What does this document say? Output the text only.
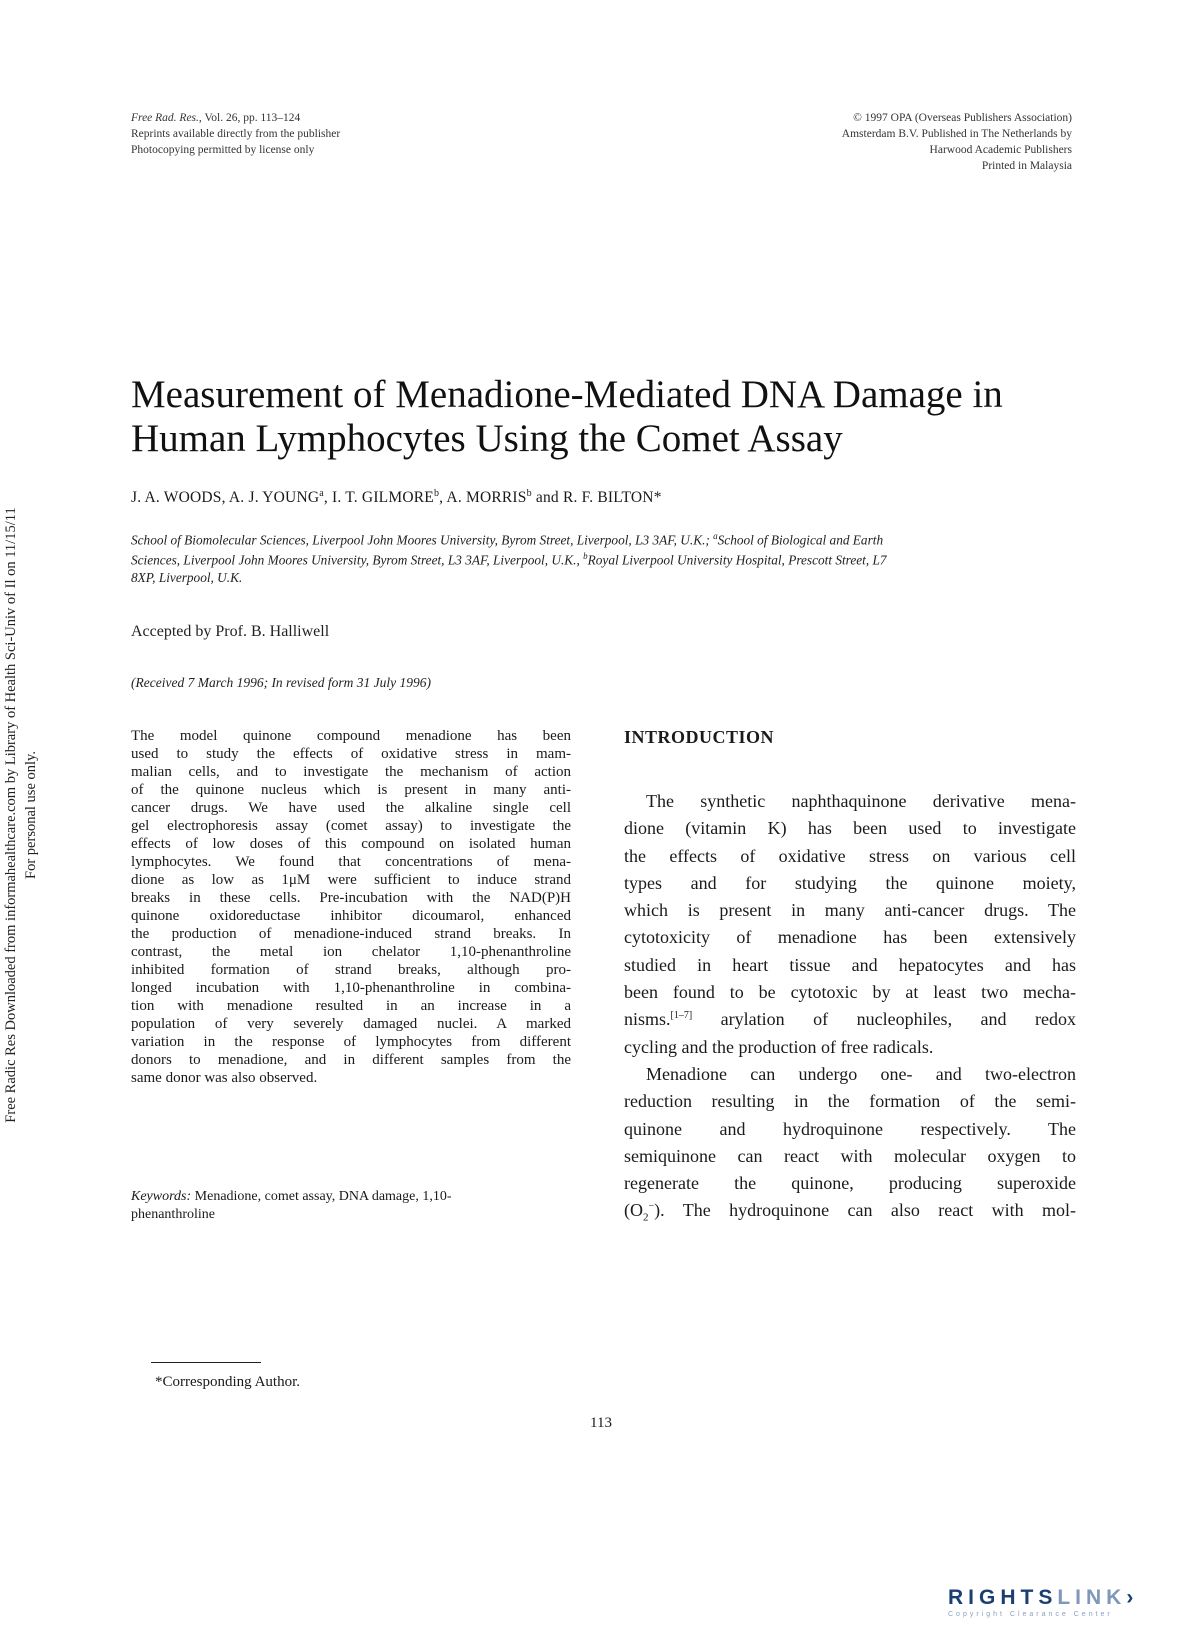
Free Rad. Res., Vol. 26, pp. 113–124
Reprints available directly from the publisher
Photocopying permitted by license only
© 1997 OPA (Overseas Publishers Association)
Amsterdam B.V. Published in The Netherlands by
Harwood Academic Publishers
Printed in Malaysia
Free Radic Res Downloaded from informahealthcare.com by Library of Health Sci-Univ of Il on 11/15/11 For personal use only.
Measurement of Menadione-Mediated DNA Damage in
Human Lymphocytes Using the Comet Assay
J. A. WOODS, A. J. YOUNG$^a$, I. T. GILMORE$^b$, A. MORRIS$^b$ and R. F. BILTON*
School of Biomolecular Sciences, Liverpool John Moores University, Byrom Street, Liverpool, L3 3AF, U.K.; $^a$School of Biological and Earth
Sciences, Liverpool John Moores University, Byrom Street, L3 3AF, Liverpool, U.K., $^b$Royal Liverpool University Hospital, Prescott Street, L7
8XP, Liverpool, U.K.
Accepted by Prof. B. Halliwell
(Received 7 March 1996; In revised form 31 July 1996)
The model quinone compound menadione has been
used to study the effects of oxidative stress in mam-
malian cells, and to investigate the mechanism of action
of the quinone nucleus which is present in many anti-
cancer drugs. We have used the alkaline single cell
gel electrophoresis assay (comet assay) to investigate the
effects of low doses of this compound on isolated human
lymphocytes. We found that concentrations of mena-
dione as low as 1μM were sufficient to induce strand
breaks in these cells. Pre-incubation with the NAD(P)H
quinone oxidoreductase inhibitor dicoumarol, enhanced
the production of menadione-induced strand breaks. In
contrast, the metal ion chelator 1,10-phenanthroline
inhibited formation of strand breaks, although pro-
longed incubation with 1,10-phenanthroline in combina-
tion with menadione resulted in an increase in a
population of very severely damaged nuclei. A marked
variation in the response of lymphocytes from different
donors to menadione, and in different samples from the
same donor was also observed.
Keywords: Menadione, comet assay, DNA damage, 1,10-
phenanthroline
INTRODUCTION
The synthetic naphthaquinone derivative mena-
dione (vitamin K) has been used to investigate
the effects of oxidative stress on various cell
types and for studying the quinone moiety,
which is present in many anti-cancer drugs. The
cytotoxicity of menadione has been extensively
studied in heart tissue and hepatocytes and has
been found to be cytotoxic by at least two mecha-
nisms.[1–7] arylation of nucleophiles, and redox
cycling and the production of free radicals.
Menadione can undergo one- and two-electron
reduction resulting in the formation of the semi-
quinone and hydroquinone respectively. The
semiquinone can react with molecular oxygen to
regenerate the quinone, producing superoxide
$(O_2^-)$. The hydroquinone can also react with mol-
*Corresponding Author.
113
RIGHTSLINK›
Copyright Clearance Center
